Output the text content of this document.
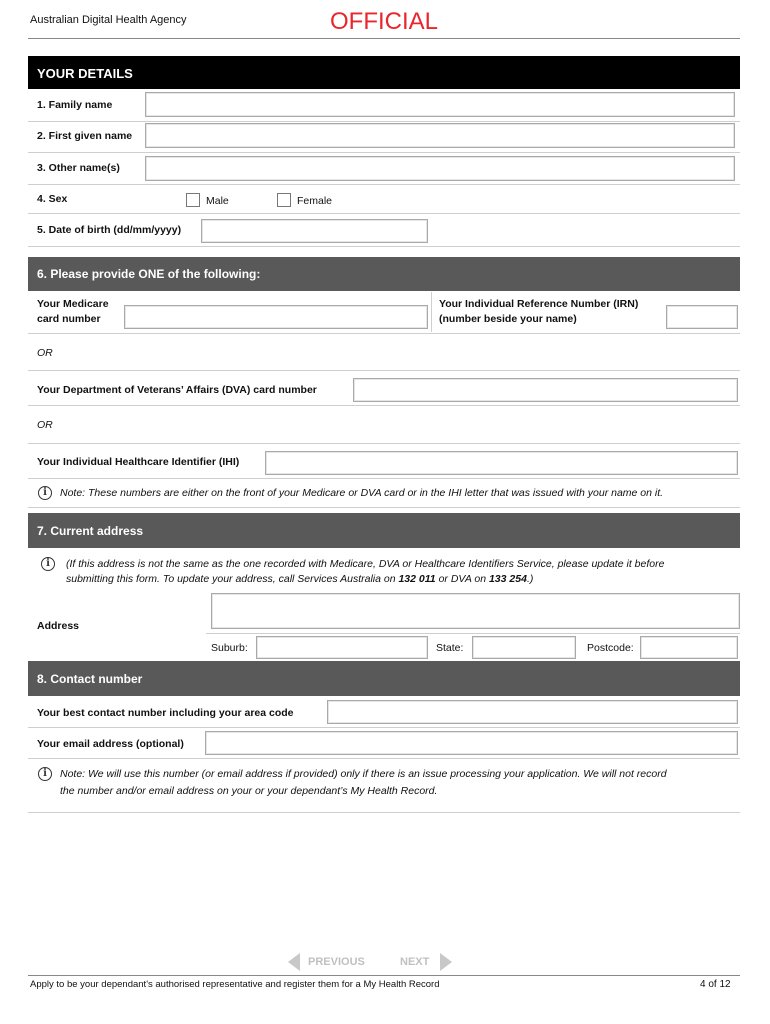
Australian Digital Health Agency	OFFICIAL
YOUR DETAILS
1. Family name
2. First given name
3. Other name(s)
4. Sex	Male	Female
5. Date of birth (dd/mm/yyyy)
6. Please provide ONE of the following:
Your Medicare
card number
Your Individual Reference Number (IRN)
(number beside your name)
OR
Your Department of Veterans’ Affairs (DVA) card number
OR
Your Individual Healthcare Identifier (IHI)
i	Note: These numbers are either on the front of your Medicare or DVA card or in the IHI letter that was issued with your name on it.
7. Current address
i	(If this address is not the same as the one recorded with Medicare, DVA or Healthcare Identifiers Service, please update it before
submitting this form. To update your address, call Services Australia on 132 011 or DVA on 133 254.)
Address
Suburb:	State:	Postcode:
8. Contact number
Your best contact number including your area code
Your email address (optional)
i	Note: We will use this number (or email address if provided) only if there is an issue processing your application. We will not record
the number and/or email address on your or your dependant’s My Health Record.
PREVIOUS	NEXT
Apply to be your dependant's authorised representative and register them for a My Health Record	4 of 12
